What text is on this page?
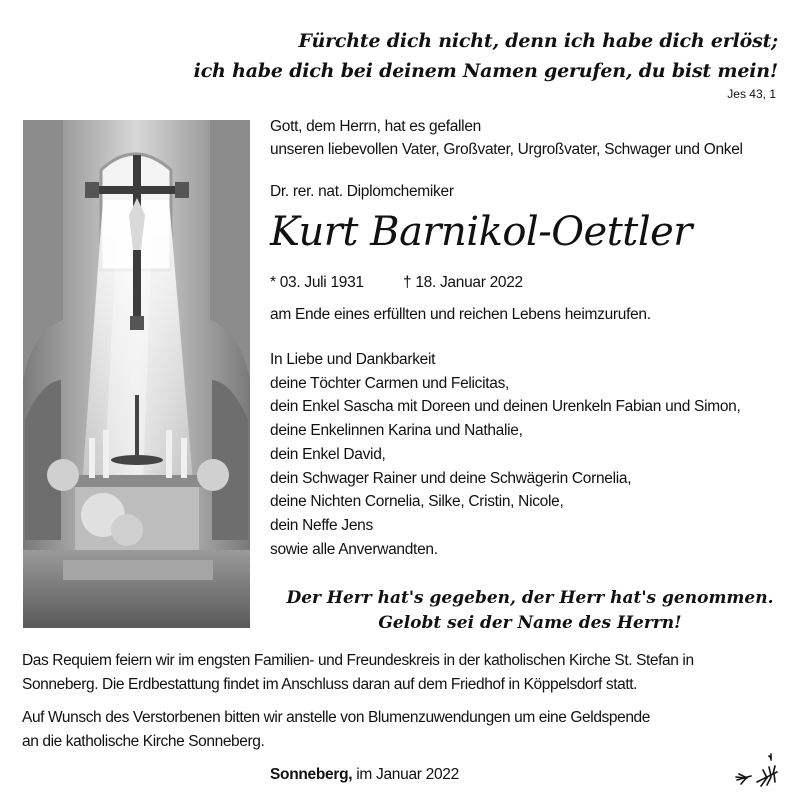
Fürchte dich nicht, denn ich habe dich erlöst;
ich habe dich bei deinem Namen gerufen, du bist mein!
Jes 43, 1
Gott, dem Herrn, hat es gefallen
unseren liebevollen Vater, Großvater, Urgroßvater, Schwager und Onkel
Dr. rer. nat. Diplomchemiker
Kurt Barnikol-Oettler
* 03. Juli 1931	† 18. Januar 2022
am Ende eines erfüllten und reichen Lebens heimzurufen.
In Liebe und Dankbarkeit
deine Töchter Carmen und Felicitas,
dein Enkel Sascha mit Doreen und deinen Urenkeln Fabian und Simon,
deine Enkelinnen Karina und Nathalie,
dein Enkel David,
dein Schwager Rainer und deine Schwägerin Cornelia,
deine Nichten Cornelia, Silke, Cristin, Nicole,
dein Neffe Jens
sowie alle Anverwandten.
Der Herr hat's gegeben, der Herr hat's genommen.
Gelobt sei der Name des Herrn!
Das Requiem feiern wir im engsten Familien- und Freundeskreis in der katholischen Kirche St. Stefan in
Sonneberg. Die Erdbestattung findet im Anschluss daran auf dem Friedhof in Köppelsdorf statt.
Auf Wunsch des Verstorbenen bitten wir anstelle von Blumenzuwendungen um eine Geldspende
an die katholische Kirche Sonneberg.
Sonneberg, im Januar 2022
